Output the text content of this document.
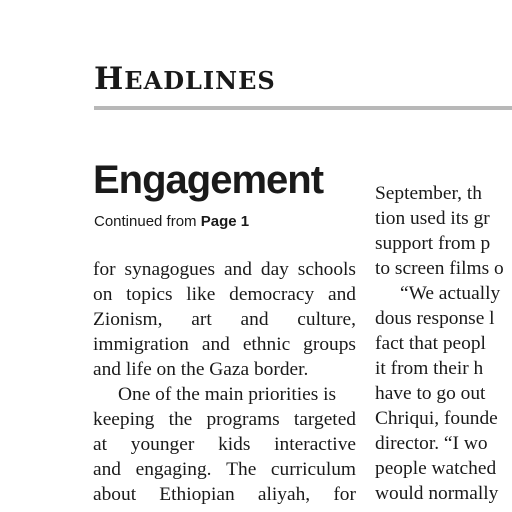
HEADLINES
Engagement
Continued from Page 1
for synagogues and day schools
on topics like democracy and
Zionism, art and culture,
immigration and ethnic groups
and life on the Gaza border.
One of the main priorities is
keeping the programs targeted
at younger kids interactive
and engaging. The curriculum
about Ethiopian aliyah, for
September, th
tion used its gr
support from p
to screen films o
“We actually
dous response l
fact that peopl
it from their h
have to go out
Chriqui, founde
director. “I wo
people watched
would normally
